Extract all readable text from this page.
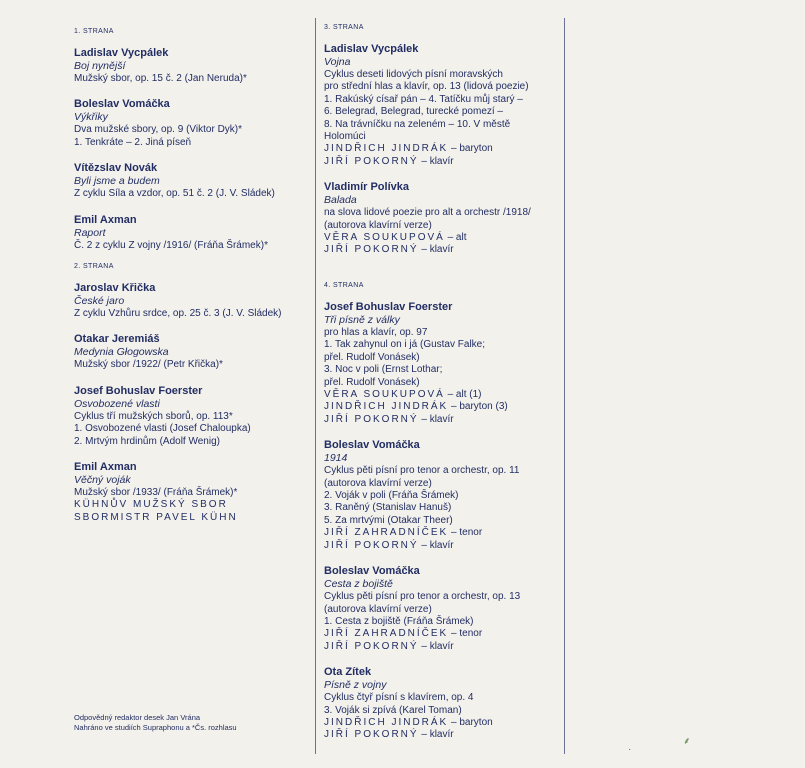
1. STRANA
Ladislav Vycpálek
Boj nynější
Mužský sbor, op. 15 č. 2 (Jan Neruda)*
Boleslav Vomáčka
Výkřiky
Dva mužské sbory, op. 9 (Viktor Dyk)*
1. Tenkráte – 2. Jiná píseň
Vítězslav Novák
Byli jsme a budem
Z cyklu Síla a vzdor, op. 51 č. 2 (J. V. Sládek)
Emil Axman
Raport
Č. 2 z cyklu Z vojny /1916/ (Fráňa Šrámek)*
2. STRANA
Jaroslav Křička
České jaro
Z cyklu Vzhůru srdce, op. 25 č. 3 (J. V. Sládek)
Otakar Jeremiáš
Medynia Głogowska
Mužský sbor /1922/ (Petr Křička)*
Josef Bohuslav Foerster
Osvobozené vlasti
Cyklus tří mužských sborů, op. 113*
1. Osvobozené vlasti (Josef Chaloupka)
2. Mrtvým hrdinům (Adolf Wenig)
Emil Axman
Věčný voják
Mužský sbor /1933/ (Fráňa Šrámek)*
KÜHNŮV MUŽSKÝ SBOR
SBORMISTR PAVEL KÜHN
3. STRANA
Ladislav Vycpálek
Vojna
Cyklus deseti lidových písní moravských
pro střední hlas a klavír, op. 13 (lidová poezie)
1. Rakúský císař pán – 4. Tatíčku můj starý –
6. Belegrad, Belegrad, turecké pomezí –
8. Na trávníčku na zeleném – 10. V městě
Holomúci
JINDŘICH JINDRÁK – baryton
JIŘÍ POKORNÝ – klavír
Vladimír Polívka
Balada
na slova lidové poezie pro alt a orchestr /1918/
(autorova klavírní verze)
VĚRA SOUKUPOVÁ – alt
JIŘÍ POKORNÝ – klavír
4. STRANA
Josef Bohuslav Foerster
Tři písně z války
pro hlas a klavír, op. 97
1. Tak zahynul on i já (Gustav Falke;
přel. Rudolf Vonásek)
3. Noc v poli (Ernst Lothar;
přel. Rudolf Vonásek)
VĚRA SOUKUPOVÁ – alt (1)
JINDŘICH JINDRÁK – baryton (3)
JIŘÍ POKORNÝ – klavír
Boleslav Vomáčka
1914
Cyklus pěti písní pro tenor a orchestr, op. 11
(autorova klavírní verze)
2. Voják v poli (Fráňa Šrámek)
3. Raněný (Stanislav Hanuš)
5. Za mrtvými (Otakar Theer)
JIŘÍ ZAHRADNÍČEK – tenor
JIŘÍ POKORNÝ – klavír
Boleslav Vomáčka
Cesta z bojiště
Cyklus pěti písní pro tenor a orchestr, op. 13
(autorova klavírní verze)
1. Cesta z bojiště (Fráňa Šrámek)
JIŘÍ ZAHRADNÍČEK – tenor
JIŘÍ POKORNÝ – klavír
Ota Zítek
Písně z vojny
Cyklus čtyř písní s klavírem, op. 4
3. Voják si zpívá (Karel Toman)
JINDŘICH JINDRÁK – baryton
JIŘÍ POKORNÝ – klavír
Odpovědný redaktor desek Jan Vrána
Nahráno ve studiích Supraphonu a *Čs. rozhlasu
·
⸙
